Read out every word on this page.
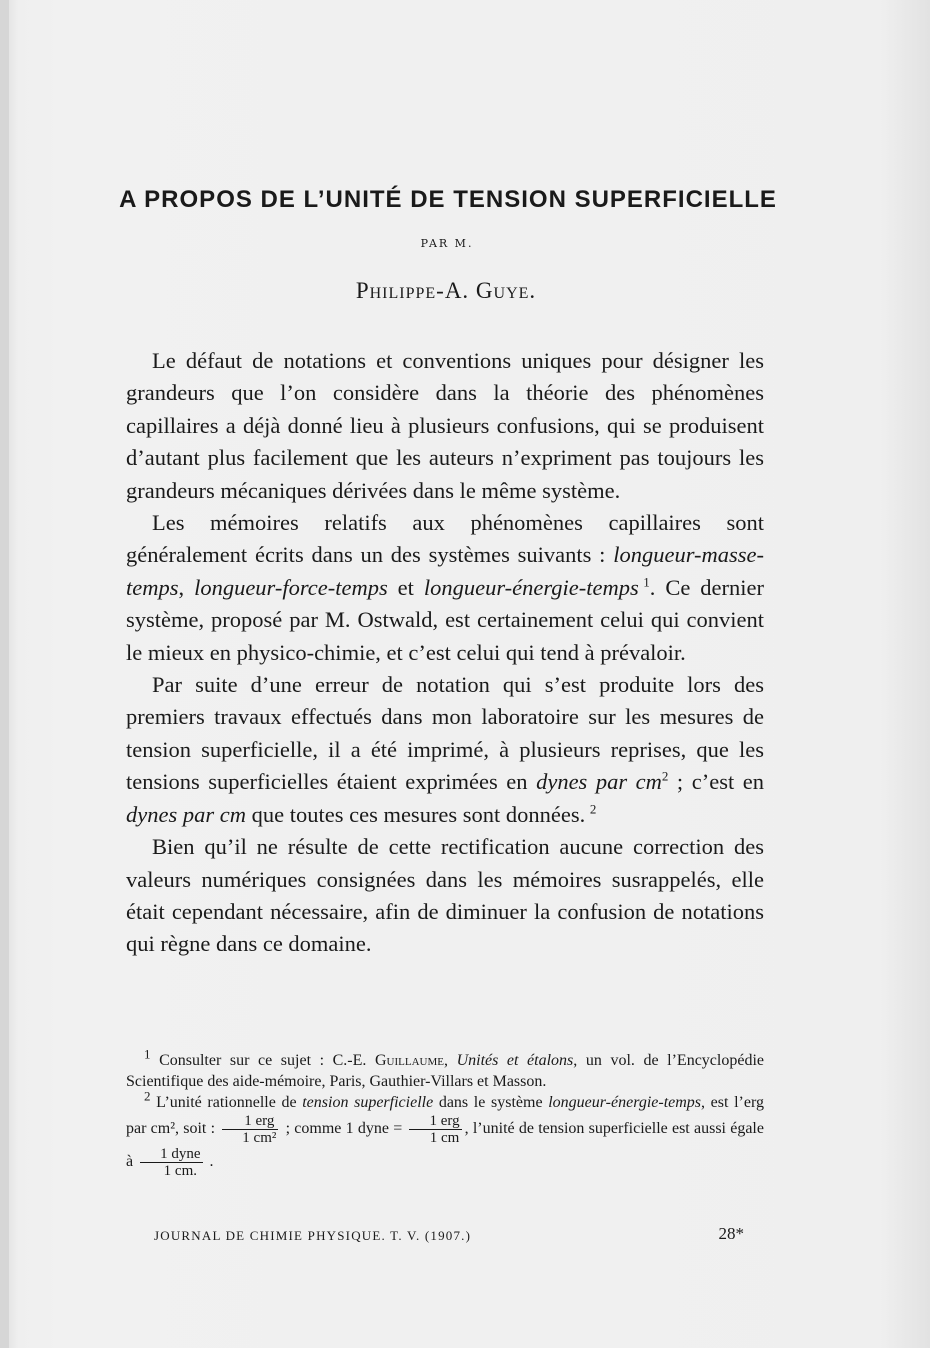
A PROPOS DE L’UNITÉ DE TENSION SUPERFICIELLE
PAR M.
Philippe-A. Guye.

Le défaut de notations et conventions uniques pour désigner les grandeurs que l’on considère dans la théorie des phénomènes capillaires a déjà donné lieu à plusieurs confusions, qui se produisent d’autant plus facilement que les auteurs n’expriment pas toujours les grandeurs mécaniques dérivées dans le même système.

Les mémoires relatifs aux phénomènes capillaires sont généralement écrits dans un des systèmes suivants : longueur-masse-temps, longueur-force-temps et longueur-énergie-temps  $^1$. Ce dernier système, proposé par M. Ostwald, est certainement celui qui convient le mieux en physico-chimie, et c’est celui qui tend à prévaloir.

Par suite d’une erreur de notation qui s’est produite lors des premiers travaux effectués dans mon laboratoire sur les mesures de tension superficielle, il a été imprimé, à plusieurs reprises, que les tensions superficielles étaient exprimées en dynes par $cm^2$ ; c’est en dynes par cm que toutes ces mesures sont données.  $^2$

Bien qu’il ne résulte de cette rectification aucune correction des valeurs numériques consignées dans les mémoires susrappelés, elle était cependant nécessaire, afin de diminuer la confusion de notations qui règne dans ce domaine.

$^1$ Consulter sur ce sujet : C.-E. Guillaume, Unités et étalons, un vol. de l’Encyclopédie Scientifique des aide-mémoire, Paris, Gauthier-Villars et Masson.

$^2$ L’unité rationnelle de tension superficielle dans le système longueur-énergie-temps, est l’erg par cm², soit : $\frac{\text{1 erg}}{\text{1 cm²}}$ ; comme 1 dyne = $\frac{\text{1 erg}}{1 cm}$ , l’unité de tension superficielle est aussi égale à $\frac{\text{1 dyne}}{1 cm.}$ .

JOURNAL DE CHIMIE PHYSIQUE. T. V. (1907.)	28*
